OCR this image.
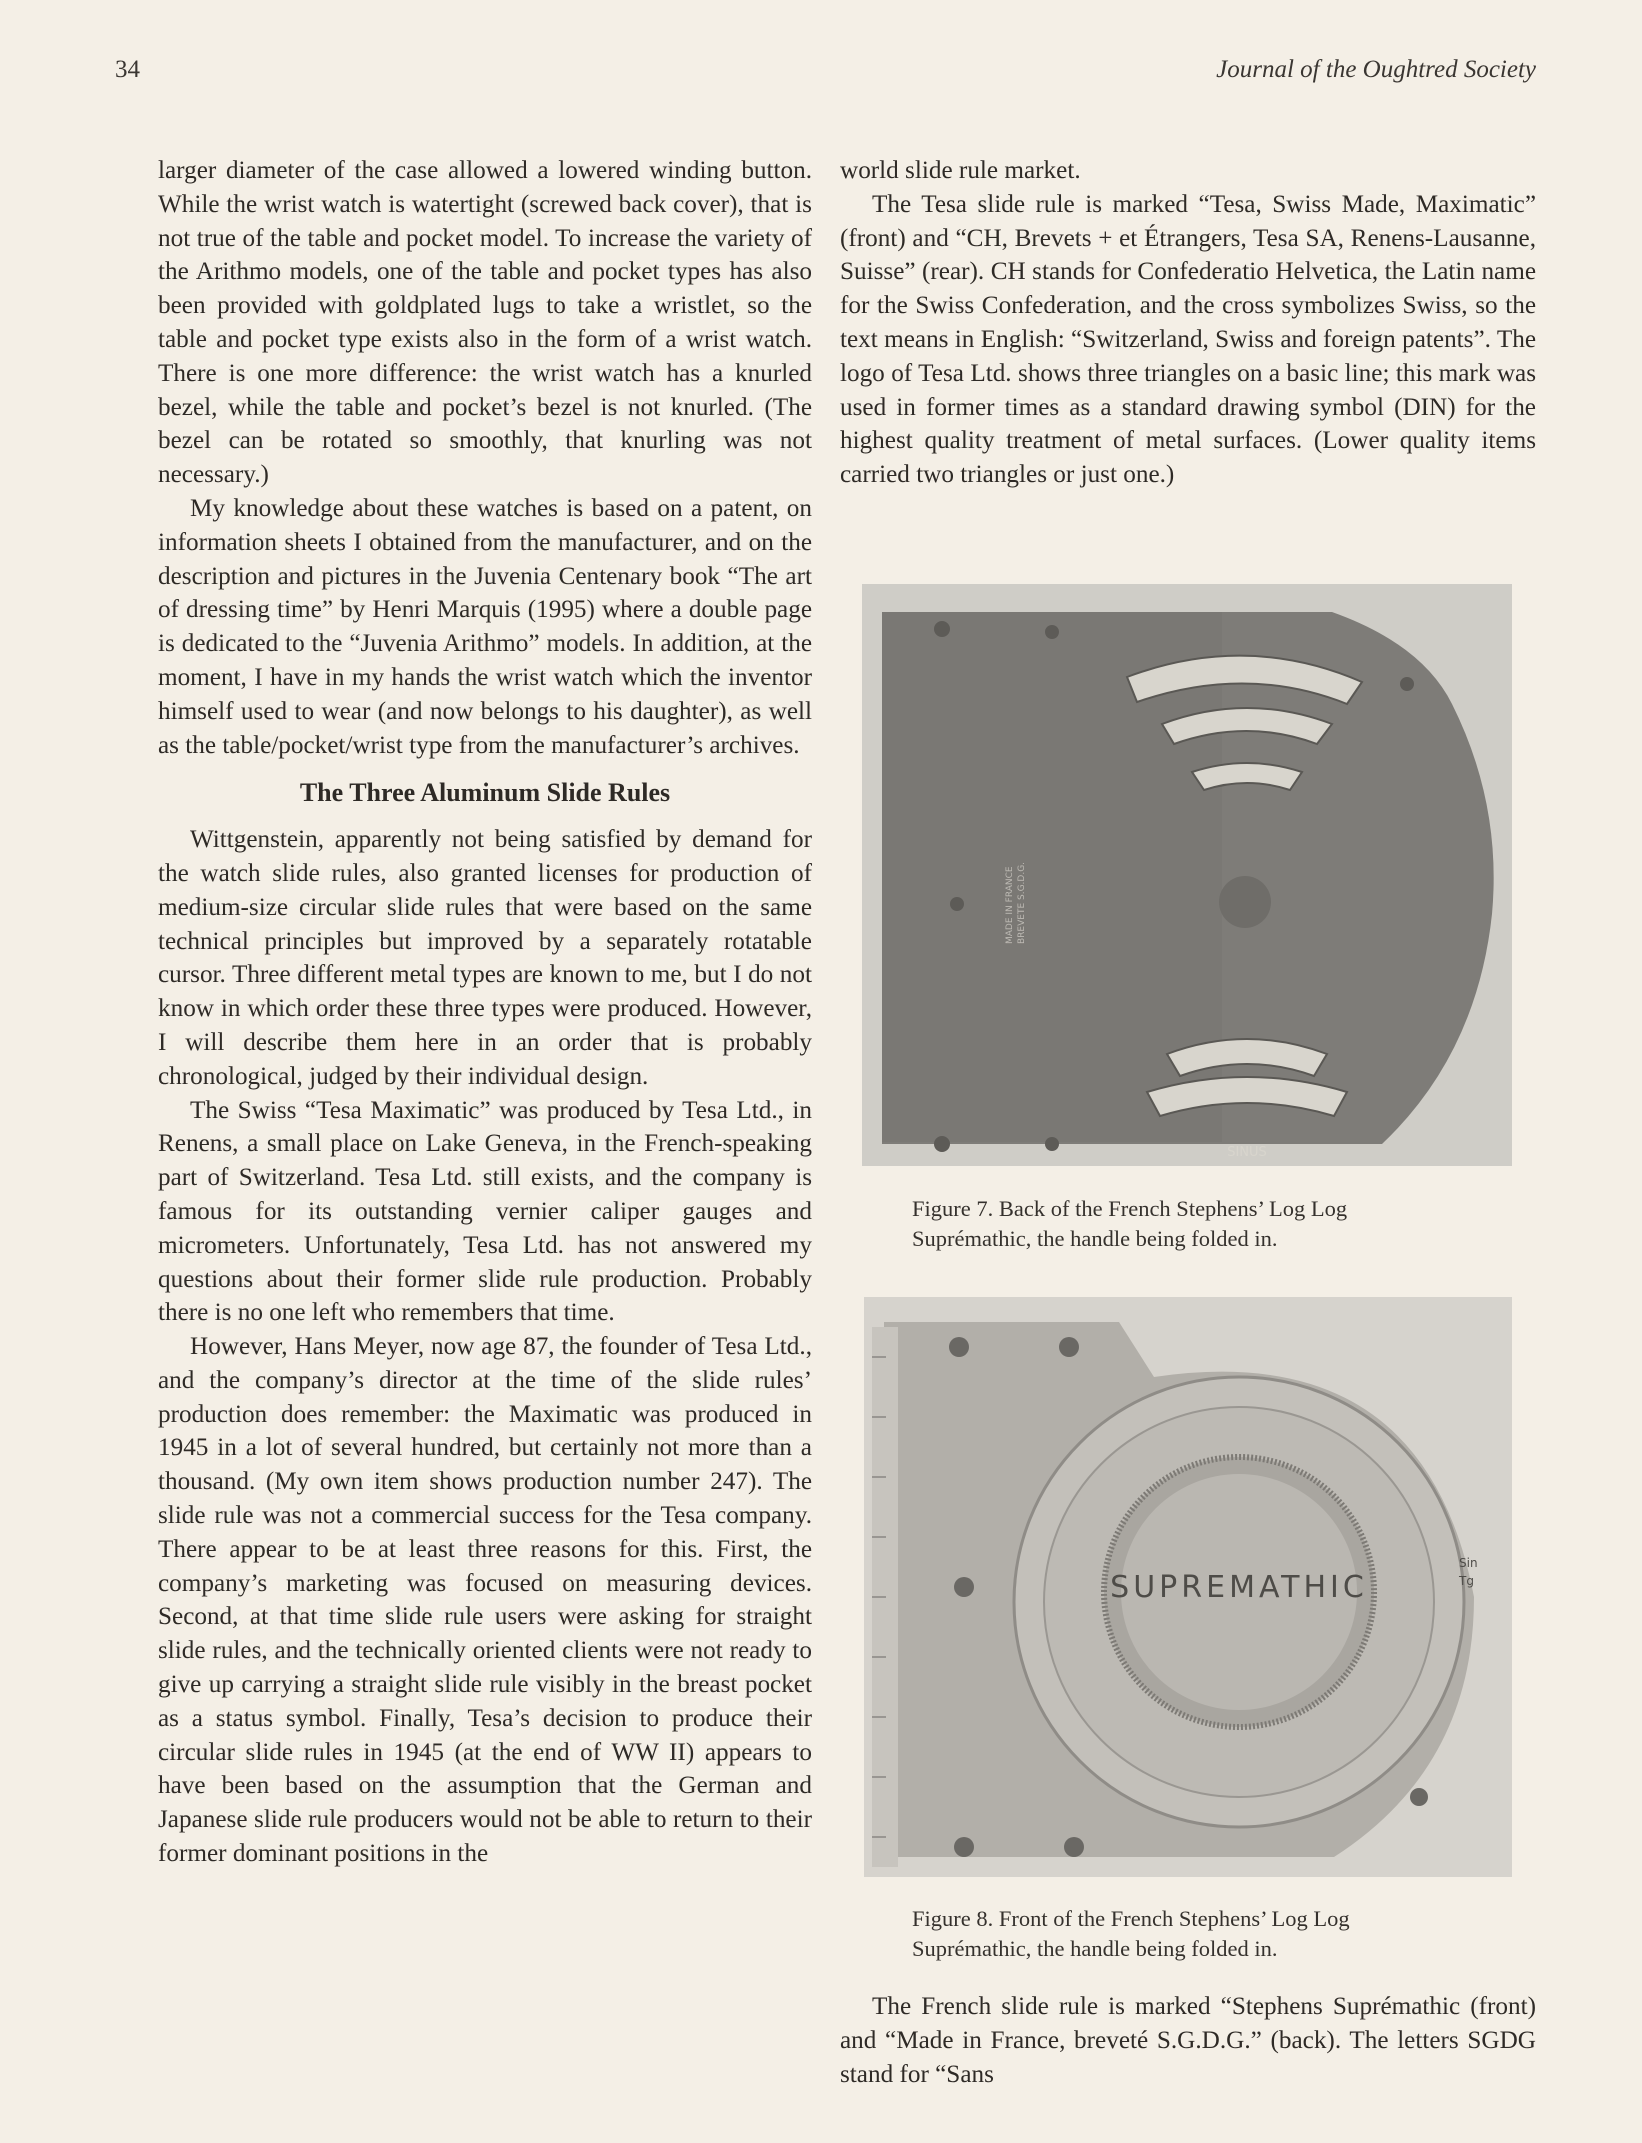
34	Journal of the Oughtred Society

larger diameter of the case allowed a lowered winding button. While the wrist watch is watertight (screwed back cover), that is not true of the table and pocket model. To increase the variety of the Arithmo models, one of the table and pocket types has also been provided with goldplated lugs to take a wristlet, so the table and pocket type exists also in the form of a wrist watch. There is one more difference: the wrist watch has a knurled bezel, while the table and pocket’s bezel is not knurled. (The bezel can be rotated so smoothly, that knurling was not necessary.)

My knowledge about these watches is based on a patent, on information sheets I obtained from the manufacturer, and on the description and pictures in the Juvenia Centenary book “The art of dressing time” by Henri Marquis (1995) where a double page is dedicated to the “Juvenia Arithmo” models. In addition, at the moment, I have in my hands the wrist watch which the inventor himself used to wear (and now belongs to his daughter), as well as the table/pocket/wrist type from the manufacturer’s archives.

The Three Aluminum Slide Rules

Wittgenstein, apparently not being satisfied by demand for the watch slide rules, also granted licenses for production of medium-size circular slide rules that were based on the same technical principles but improved by a separately rotatable cursor. Three different metal types are known to me, but I do not know in which order these three types were produced. However, I will describe them here in an order that is probably chronological, judged by their individual design.

The Swiss “Tesa Maximatic” was produced by Tesa Ltd., in Renens, a small place on Lake Geneva, in the French-speaking part of Switzerland. Tesa Ltd. still exists, and the company is famous for its outstanding vernier caliper gauges and micrometers. Unfortunately, Tesa Ltd. has not answered my questions about their former slide rule production. Probably there is no one left who remembers that time.

However, Hans Meyer, now age 87, the founder of Tesa Ltd., and the company’s director at the time of the slide rules’ production does remember: the Maximatic was produced in 1945 in a lot of several hundred, but certainly not more than a thousand. (My own item shows production number 247). The slide rule was not a commercial success for the Tesa company. There appear to be at least three reasons for this. First, the company’s marketing was focused on measuring devices. Second, at that time slide rule users were asking for straight slide rules, and the technically oriented clients were not ready to give up carrying a straight slide rule visibly in the breast pocket as a status symbol. Finally, Tesa’s decision to produce their circular slide rules in 1945 (at the end of WW II) appears to have been based on the assumption that the German and Japanese slide rule producers would not be able to return to their former dominant positions in the

world slide rule market.

The Tesa slide rule is marked “Tesa, Swiss Made, Maximatic” (front) and “CH, Brevets + et Étrangers, Tesa SA, Renens-Lausanne, Suisse” (rear). CH stands for Confederatio Helvetica, the Latin name for the Swiss Confederation, and the cross symbolizes Swiss, so the text means in English: “Switzerland, Swiss and foreign patents”. The logo of Tesa Ltd. shows three triangles on a basic line; this mark was used in former times as a standard drawing symbol (DIN) for the highest quality treatment of metal surfaces. (Lower quality items carried two triangles or just one.)

SINUS
MADE IN FRANCE BREVETE S.G.D.G.
Figure 7. Back of the French Stephens’ Log Log Suprémathic, the handle being folded in.
SUPREMATHIC
Sin
Tg
Figure 8. Front of the French Stephens’ Log Log Suprémathic, the handle being folded in.

The French slide rule is marked “Stephens Suprémathic (front) and “Made in France, breveté S.G.D.G.” (back). The letters SGDG stand for “Sans
